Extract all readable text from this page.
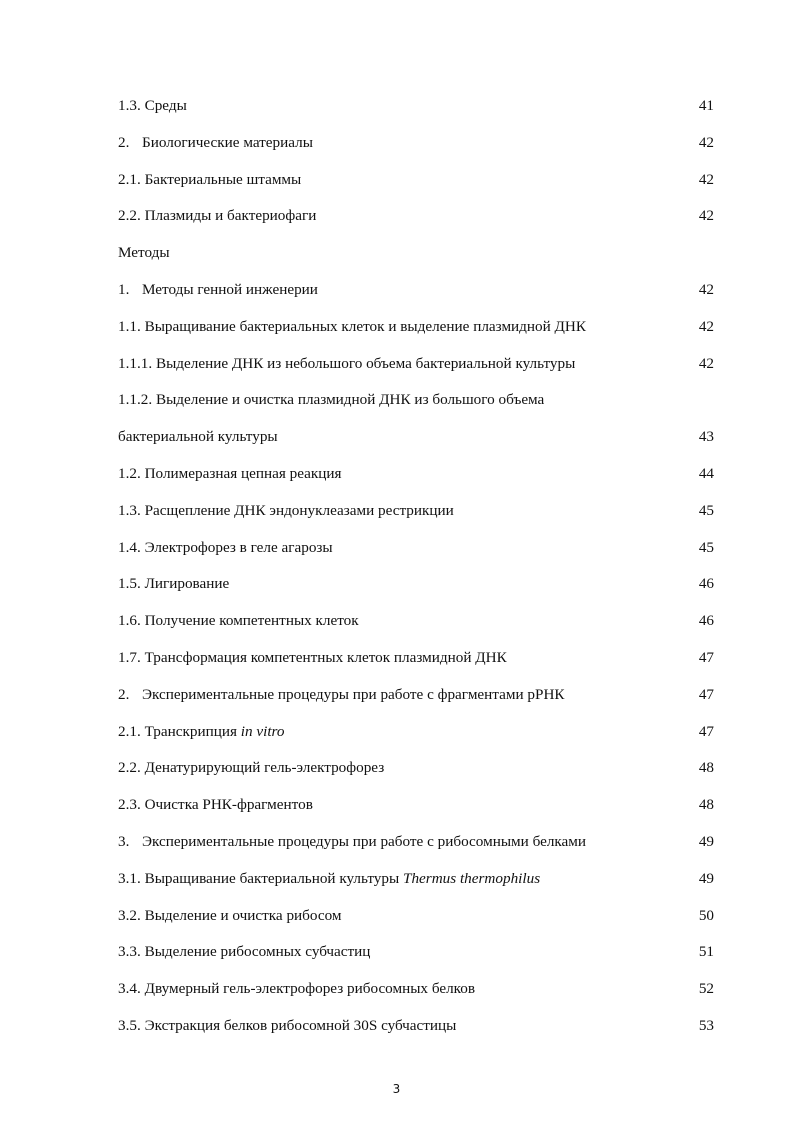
1.3. Среды	41
2. Биологические материалы	42
2.1. Бактериальные штаммы	42
2.2. Плазмиды и бактериофаги	42
Методы
1. Методы генной инженерии	42
1.1. Выращивание бактериальных клеток и выделение плазмидной ДНК	42
1.1.1. Выделение ДНК из небольшого объема бактериальной культуры	42
1.1.2. Выделение и очистка плазмидной ДНК из большого объема
бактериальной культуры	43
1.2. Полимеразная цепная реакция	44
1.3. Расщепление ДНК эндонуклеазами рестрикции	45
1.4. Электрофорез в геле агарозы	45
1.5. Лигирование	46
1.6. Получение компетентных клеток	46
1.7. Трансформация компетентных клеток плазмидной ДНК	47
2. Экспериментальные процедуры при работе с фрагментами рРНК	47
2.1. Транскрипция in vitro	47
2.2. Денатурирующий гель-электрофорез	48
2.3. Очистка РНК-фрагментов	48
3. Экспериментальные процедуры при работе с рибосомными белками	49
3.1. Выращивание бактериальной культуры Thermus thermophilus	49
3.2. Выделение и очистка рибосом	50
3.3. Выделение рибосомных субчастиц	51
3.4. Двумерный гель-электрофорез рибосомных белков	52
3.5. Экстракция белков рибосомной 30S субчастицы	53
3
